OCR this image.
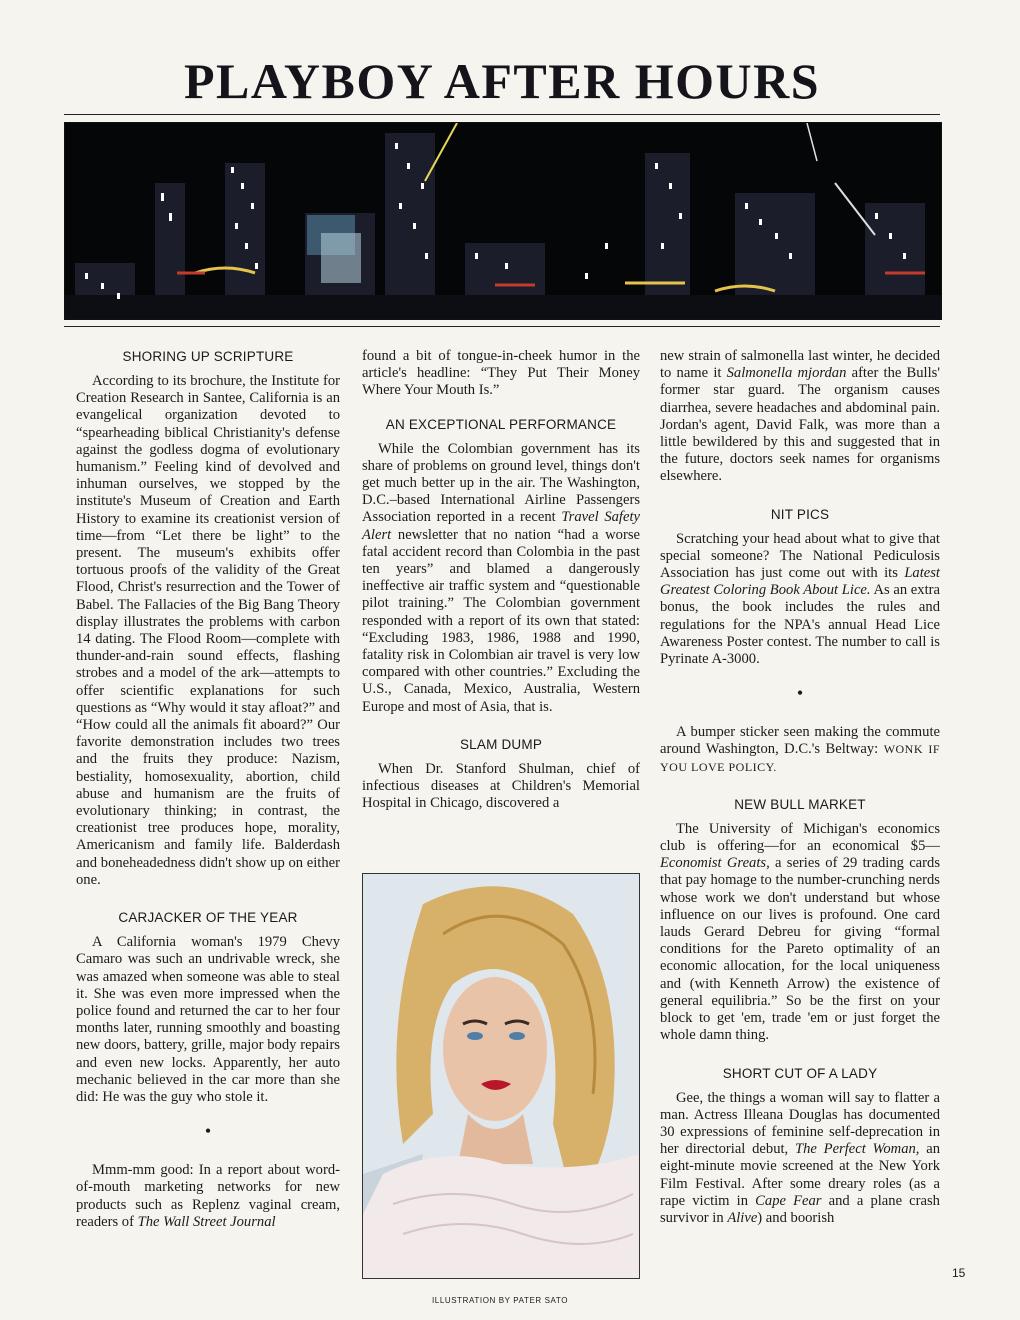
PLAYBOY AFTER HOURS
SHORING UP SCRIPTURE

According to its brochure, the Institute for Creation Research in Santee, California is an evangelical organization devoted to “spearheading biblical Christianity's defense against the godless dogma of evolutionary humanism.” Feeling kind of devolved and inhuman ourselves, we stopped by the institute's Museum of Creation and Earth History to examine its creationist version of time—from “Let there be light” to the present. The museum's exhibits offer tortuous proofs of the validity of the Great Flood, Christ's resurrection and the Tower of Babel. The Fallacies of the Big Bang Theory display illustrates the problems with carbon 14 dating. The Flood Room—complete with thunder-and-rain sound effects, flashing strobes and a model of the ark—attempts to offer scientific explanations for such questions as “Why would it stay afloat?” and “How could all the animals fit aboard?” Our favorite demonstration includes two trees and the fruits they produce: Nazism, bestiality, homosexuality, abortion, child abuse and humanism are the fruits of evolutionary thinking; in contrast, the creationist tree produces hope, morality, Americanism and family life. Balderdash and boneheadedness didn't show up on either one.

CARJACKER OF THE YEAR

A California woman's 1979 Chevy Camaro was such an undrivable wreck, she was amazed when someone was able to steal it. She was even more impressed when the police found and returned the car to her four months later, running smoothly and boasting new doors, battery, grille, major body repairs and even new locks. Apparently, her auto mechanic believed in the car more than she did: He was the guy who stole it.

•

Mmm-mm good: In a report about word-of-mouth marketing networks for new products such as Replenz vaginal cream, readers of The Wall Street Journal

found a bit of tongue-in-cheek humor in the article's headline: “They Put Their Money Where Your Mouth Is.”

AN EXCEPTIONAL PERFORMANCE

While the Colombian government has its share of problems on ground level, things don't get much better up in the air. The Washington, D.C.–based International Airline Passengers Association reported in a recent Travel Safety Alert newsletter that no nation “had a worse fatal accident record than Colombia in the past ten years” and blamed a dangerously ineffective air traffic system and “questionable pilot training.” The Colombian government responded with a report of its own that stated: “Excluding 1983, 1986, 1988 and 1990, fatality risk in Colombian air travel is very low compared with other countries.” Excluding the U.S., Canada, Mexico, Australia, Western Europe and most of Asia, that is.

SLAM DUMP

When Dr. Stanford Shulman, chief of infectious diseases at Children's Memorial Hospital in Chicago, discovered a

ILLUSTRATION BY PATER SATO

new strain of salmonella last winter, he decided to name it Salmonella mjordan after the Bulls' former star guard. The organism causes diarrhea, severe headaches and abdominal pain. Jordan's agent, David Falk, was more than a little bewildered by this and suggested that in the future, doctors seek names for organisms elsewhere.

NIT PICS

Scratching your head about what to give that special someone? The National Pediculosis Association has just come out with its Latest Greatest Coloring Book About Lice. As an extra bonus, the book includes the rules and regulations for the NPA's annual Head Lice Awareness Poster contest. The number to call is Pyrinate A-3000.

•

A bumper sticker seen making the commute around Washington, D.C.'s Beltway: WONK IF YOU LOVE POLICY.

NEW BULL MARKET

The University of Michigan's economics club is offering—for an economical $5—Economist Greats, a series of 29 trading cards that pay homage to the number-crunching nerds whose work we don't understand but whose influence on our lives is profound. One card lauds Gerard Debreu for giving “formal conditions for the Pareto optimality of an economic allocation, for the local uniqueness and (with Kenneth Arrow) the existence of general equilibria.” So be the first on your block to get 'em, trade 'em or just forget the whole damn thing.

SHORT CUT OF A LADY

Gee, the things a woman will say to flatter a man. Actress Illeana Douglas has documented 30 expressions of feminine self-deprecation in her directorial debut, The Perfect Woman, an eight-minute movie screened at the New York Film Festival. After some dreary roles (as a rape victim in Cape Fear and a plane crash survivor in Alive) and boorish

15
